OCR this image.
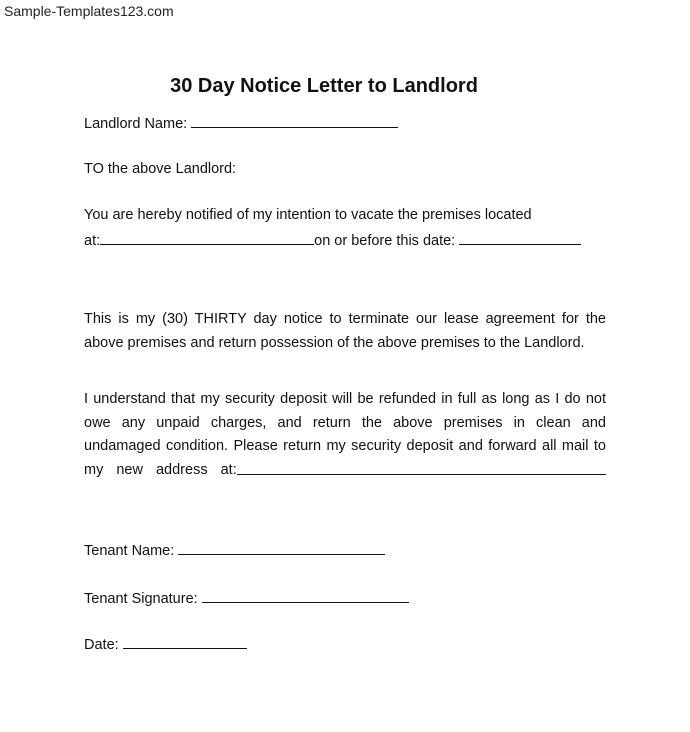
Sample-Templates123.com
30 Day Notice Letter to Landlord
Landlord Name:
TO the above Landlord:
You are hereby notified of my intention to vacate the premises located
at:	on or before this date:
This is my (30) THIRTY day notice to terminate our lease agreement for the
above premises and return possession of the above premises to the Landlord.
I understand that my security deposit will be refunded in full as long as I do not
owe any unpaid charges, and return the above premises in clean and
undamaged condition. Please return my security deposit and forward all mail to
my new address at:
Tenant Name:
Tenant Signature:
Date:
